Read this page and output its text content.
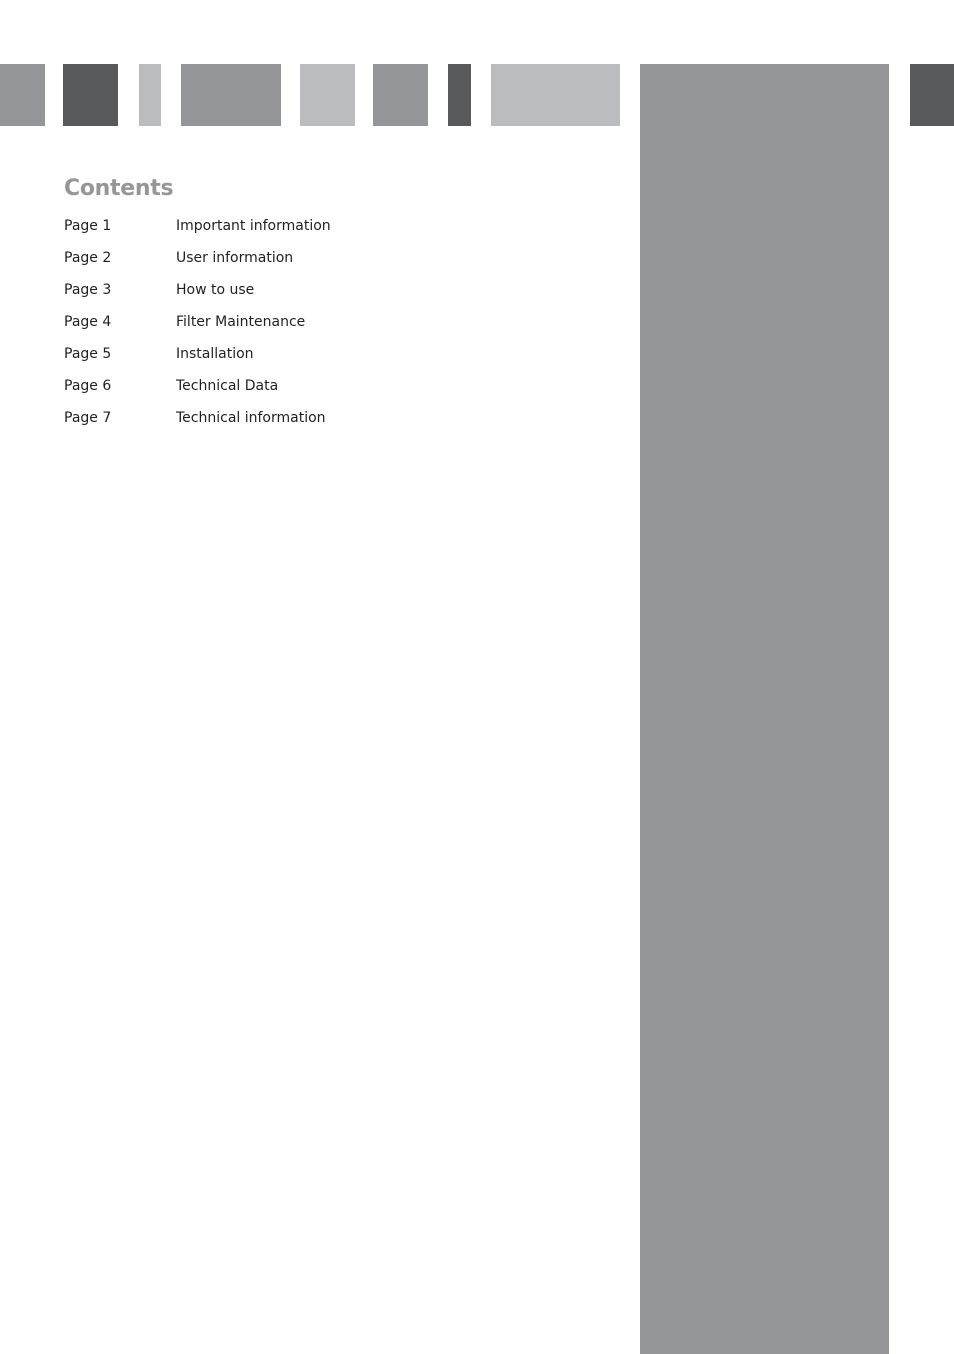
Contents
Page 1	Important information
Page 2	User information
Page 3	How to use
Page 4	Filter Maintenance
Page 5	Installation
Page 6	Technical Data
Page 7	Technical information
